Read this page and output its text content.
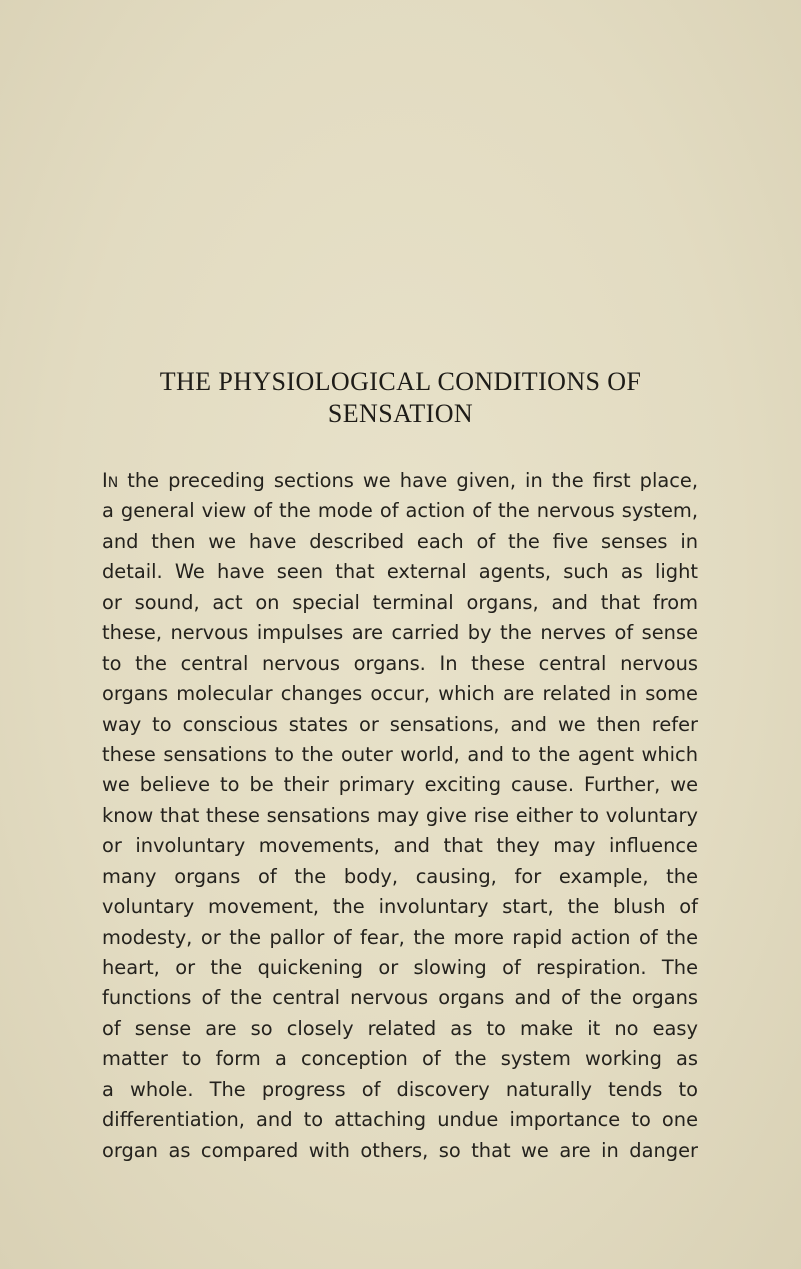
THE PHYSIOLOGICAL CONDITIONS OF
SENSATION
In the preceding sections we have given, in the first place,
a general view of the mode of action of the nervous system,
and then we have described each of the five senses in
detail. We have seen that external agents, such as light
or sound, act on special terminal organs, and that from
these, nervous impulses are carried by the nerves of sense
to the central nervous organs. In these central nervous
organs molecular changes occur, which are related in some
way to conscious states or sensations, and we then refer
these sensations to the outer world, and to the agent which
we believe to be their primary exciting cause. Further, we
know that these sensations may give rise either to voluntary
or involuntary movements, and that they may influence
many organs of the body, causing, for example, the
voluntary movement, the involuntary start, the blush of
modesty, or the pallor of fear, the more rapid action of the
heart, or the quickening or slowing of respiration. The
functions of the central nervous organs and of the organs
of sense are so closely related as to make it no easy
matter to form a conception of the system working as
a whole. The progress of discovery naturally tends to
differentiation, and to attaching undue importance to one
organ as compared with others, so that we are in danger
